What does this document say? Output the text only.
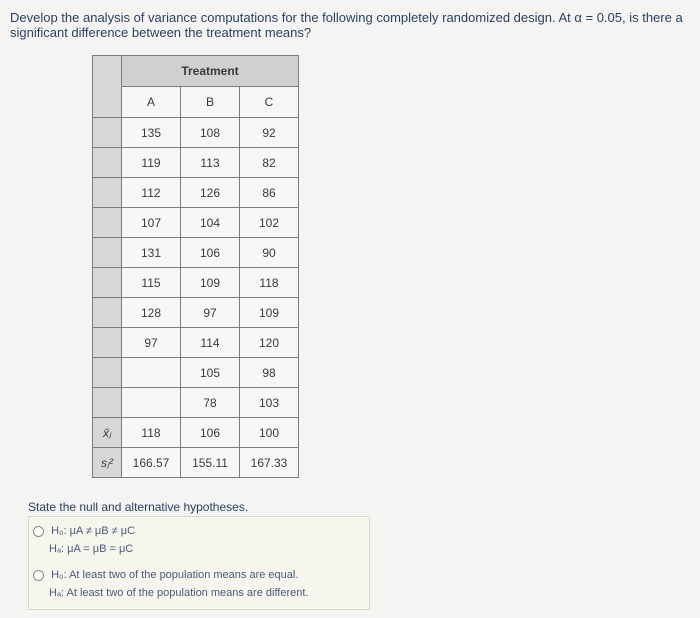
Develop the analysis of variance computations for the following completely randomized design. At α = 0.05, is there a significant difference between the treatment means?
	Treatment		
	A	B	C
	135	108	92
	119	113	82
	112	126	86
	107	104	102
	131	106	90
	115	109	118
	128	97	109
	97	114	120
		105	98
		78	103
x̄ⱼ	118	106	100
sⱼ²	166.57	155.11	167.33
State the null and alternative hypotheses.
H₀: μA ≠ μB ≠ μC
Hₐ: μA = μB = μC
H₀: At least two of the population means are equal.
Hₐ: At least two of the population means are different.
